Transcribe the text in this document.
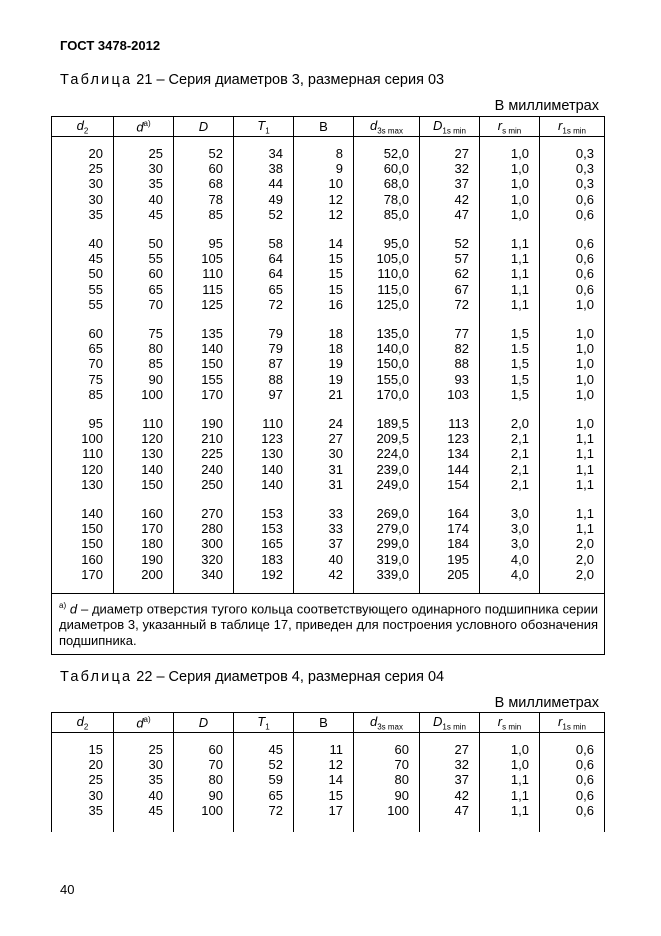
ГОСТ 3478-2012
Таблица 21 – Серия диаметров 3, размерная серия 03
В миллиметрах
$d_2$	$d^{a)}$	D	$T_1$	B	$d_{3s max}$	$D_{1s min}$	$r_{s min}$	$r_{1s min}$
20	25	52	34	8	52,0	27	1,0	0,3
25	30	60	38	9	60,0	32	1,0	0,3
30	35	68	44	10	68,0	37	1,0	0,3
30	40	78	49	12	78,0	42	1,0	0,6
35	45	85	52	12	85,0	47	1,0	0,6
40	50	95	58	14	95,0	52	1,1	0,6
45	55	105	64	15	105,0	57	1,1	0,6
50	60	110	64	15	110,0	62	1,1	0,6
55	65	115	65	15	115,0	67	1,1	0,6
55	70	125	72	16	125,0	72	1,1	1,0
60	75	135	79	18	135,0	77	1,5	1,0
65	80	140	79	18	140,0	82	1.5	1,0
70	85	150	87	19	150,0	88	1,5	1,0
75	90	155	88	19	155,0	93	1,5	1,0
85	100	170	97	21	170,0	103	1,5	1,0
95	110	190	110	24	189,5	113	2,0	1,0
100	120	210	123	27	209,5	123	2,1	1,1
110	130	225	130	30	224,0	134	2,1	1,1
120	140	240	140	31	239,0	144	2,1	1,1
130	150	250	140	31	249,0	154	2,1	1,1
140	160	270	153	33	269,0	164	3,0	1,1
150	170	280	153	33	279,0	174	3,0	1,1
150	180	300	165	37	299,0	184	3,0	2,0
160	190	320	183	40	319,0	195	4,0	2,0
170	200	340	192	42	339,0	205	4,0	2,0
$^{a)}$ d – диаметр отверстия тугого кольца соответствующего одинарного подшипника серии диаметров 3, указанный в таблице 17, приведен для построения условного обозначения подшипника.								
Таблица 22 – Серия диаметров 4, размерная серия 04
В миллиметрах
$d_2$	$d^{a)}$	D	$T_1$	B	$d_{3s max}$	$D_{1s min}$	$r_{s min}$	$r_{1s min}$
15	25	60	45	11	60	27	1,0	0,6
20	30	70	52	12	70	32	1,0	0,6
25	35	80	59	14	80	37	1,1	0,6
30	40	90	65	15	90	42	1,1	0,6
35	45	100	72	17	100	47	1,1	0,6
40
